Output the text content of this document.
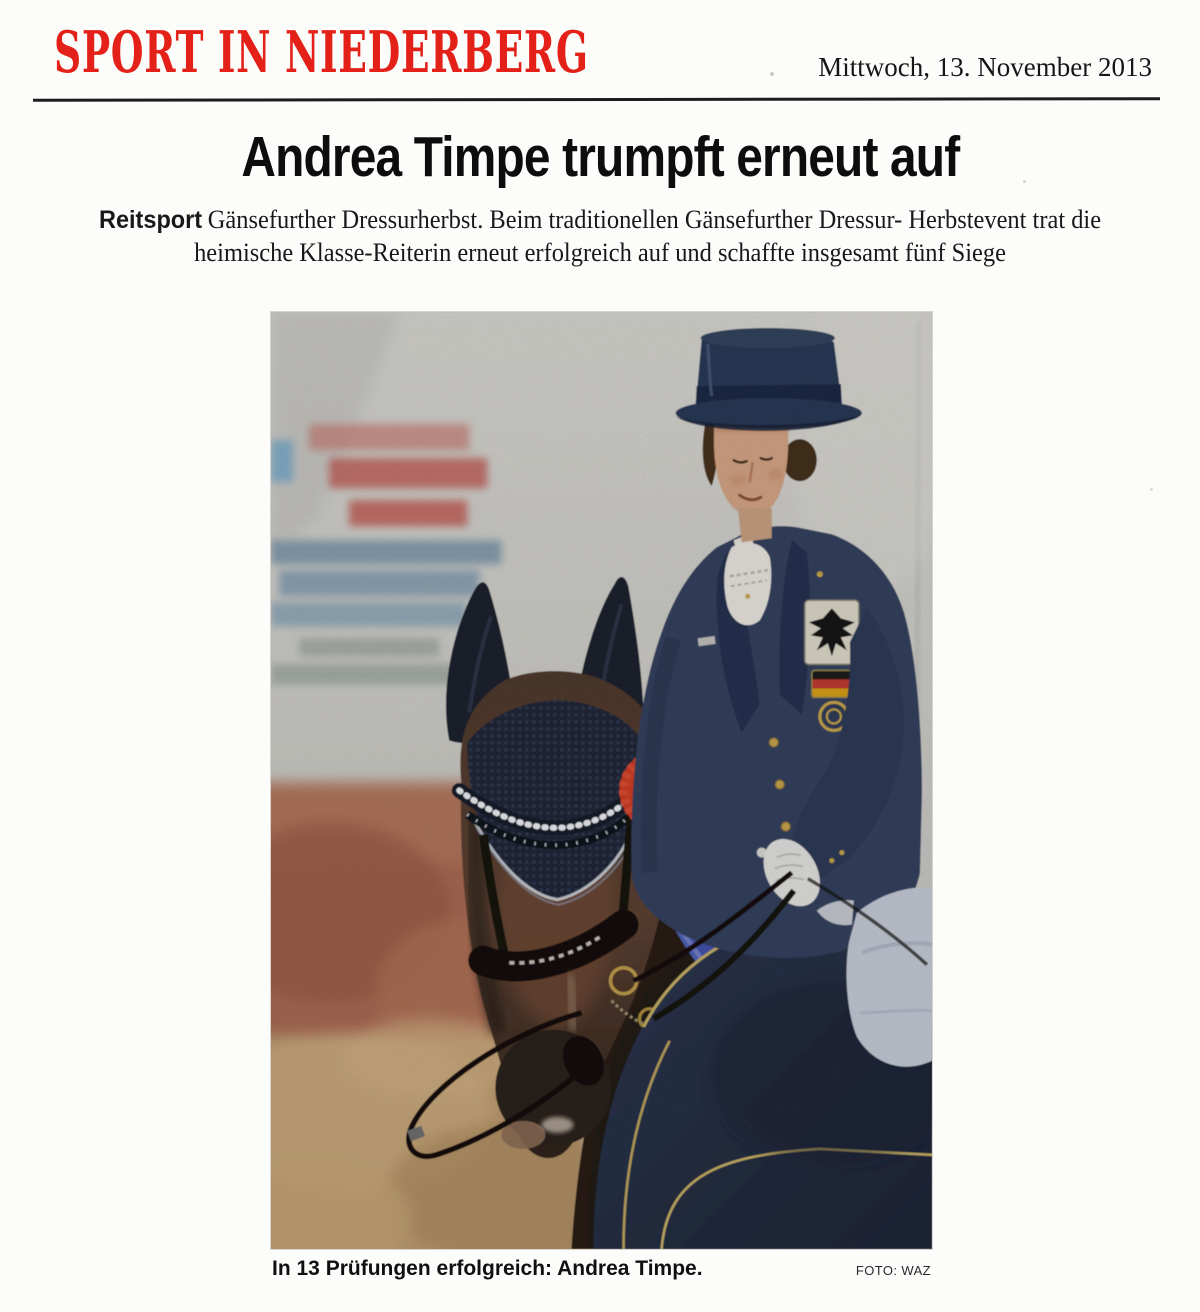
SPORT IN NIEDERBERG	Mittwoch, 13. November 2013
Andrea Timpe trumpft erneut auf

Reitsport Gänsefurther Dressurherbst. Beim traditionellen Gänsefurther Dressur- Herbstevent trat die
heimische Klasse-Reiterin erneut erfolgreich auf und schaffte insgesamt fünf Siege

In 13 Prüfungen erfolgreich: Andrea Timpe.	FOTO: WAZ
